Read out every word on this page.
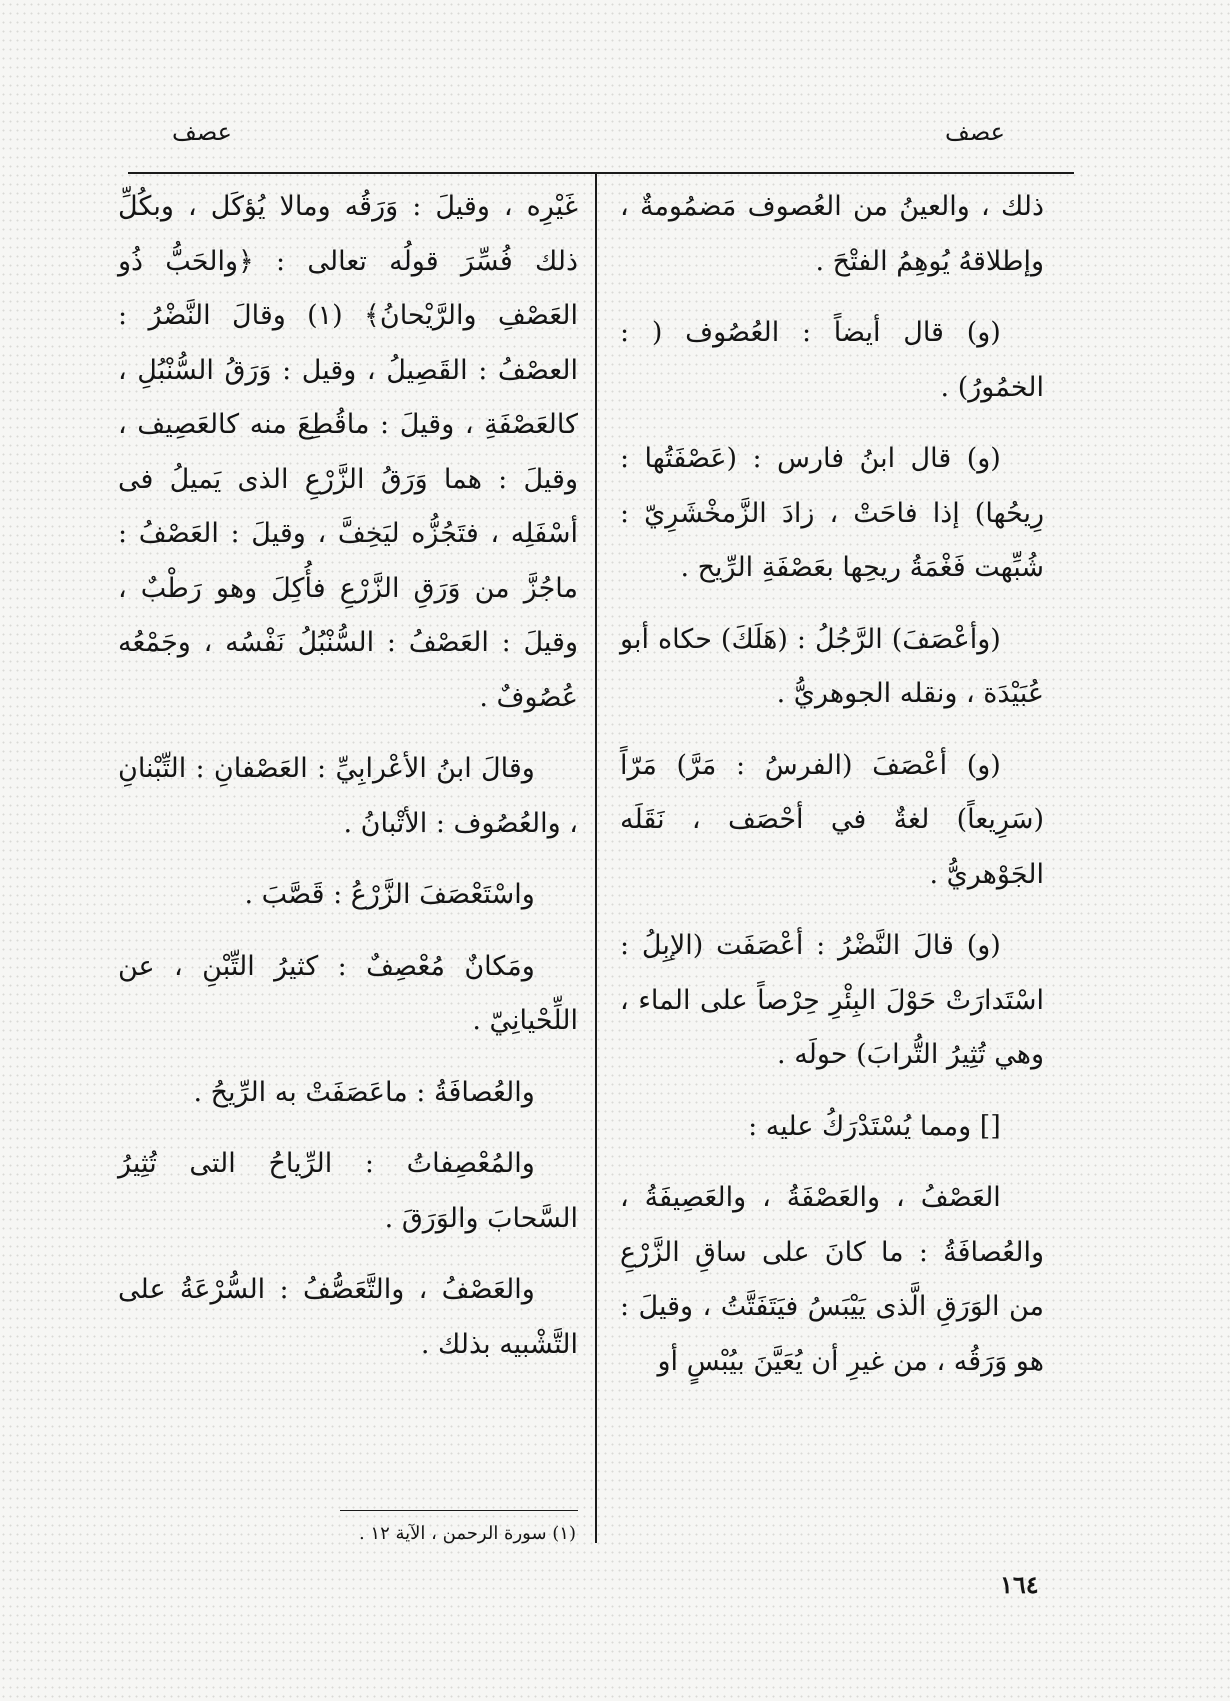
عصف
عصف

ذلك ، والعينُ من العُصوف مَضمُومةٌ ، وإطلاقهُ يُوهِمُ الفتْحَ .

(و) قال أيضاً : العُصُوف ( : الخمُورُ) .

(و) قال ابنُ فارس : (عَصْفَتُها : رِيحُها) إذا فاحَتْ ، زادَ الزَّمخْشَرِيّ : شُبِّهت فَغْمَةُ ريحِها بعَصْفَةِ الرِّيح .

(وأعْصَفَ) الرَّجُلُ : (هَلَكَ) حكاه أبو عُبَيْدَة ، ونقله الجوهريُّ .

(و) أعْصَفَ (الفرسُ : مَرَّ) مَرّاً (سَرِيعاً) لغةٌ في أحْصَف ، نَقَلَه الجَوْهريُّ .

(و) قالَ النَّضْرُ : أعْصَفَت (الإبِلُ : اسْتَدارَتْ حَوْلَ البِئْرِ حِرْصاً على الماء ، وهي تُثِيرُ التُّرابَ) حولَه .

[] ومما يُسْتَدْرَكُ عليه :

العَصْفُ ، والعَصْفَةُ ، والعَصِيفَةُ ، والعُصافَةُ : ما كانَ على ساقِ الزَّرْعِ من الوَرَقِ الَّذى يَيْبَسُ فيَتَفَتَّتُ ، وقيلَ : هو وَرَقُه ، من غيرِ أن يُعَيَّنَ بيُبْسٍ أو

غَيْرِه ، وقيلَ : وَرَقُه ومالا يُؤكَل ، وبكُلِّ ذلك فُسِّرَ قولُه تعالى : ﴿والحَبُّ ذُو العَصْفِ والرَّيْحانُ﴾ (١) وقالَ النَّضْرُ : العصْفُ : القَصِيلُ ، وقيل : وَرَقُ السُّنْبُلِ ، كالعَصْفَةِ ، وقيلَ : ماقُطِعَ منه كالعَصِيف ، وقيلَ : هما وَرَقُ الزَّرْعِ الذى يَميلُ فى أسْفَلِه ، فتَجُزُّه ليَخِفَّ ، وقيلَ : العَصْفُ : ماجُزَّ من وَرَقِ الزَّرْعِ فأُكِلَ وهو رَطْبٌ ، وقيلَ : العَصْفُ : السُّنْبُلُ نَفْسُه ، وجَمْعُه عُصُوفٌ .

وقالَ ابنُ الأعْرابِيِّ : العَصْفانِ : التِّبْنانِ ، والعُصُوف : الأتْبانُ .

واسْتَعْصَفَ الزَّرْعُ : قَصَّبَ .

ومَكانٌ مُعْصِفٌ : كثيرُ التِّبْنِ ، عن اللِّحْيانِيّ .

والعُصافَةُ : ماعَصَفَتْ به الرِّيحُ .

والمُعْصِفاتُ : الرِّياحُ التى تُثِيرُ السَّحابَ والوَرَقَ .

والعَصْفُ ، والتَّعَصُّفُ : السُّرْعَةُ على التَّشْبيه بذلك .

(١) سورة الرحمن ، الآية ١٢ .
١٦٤
